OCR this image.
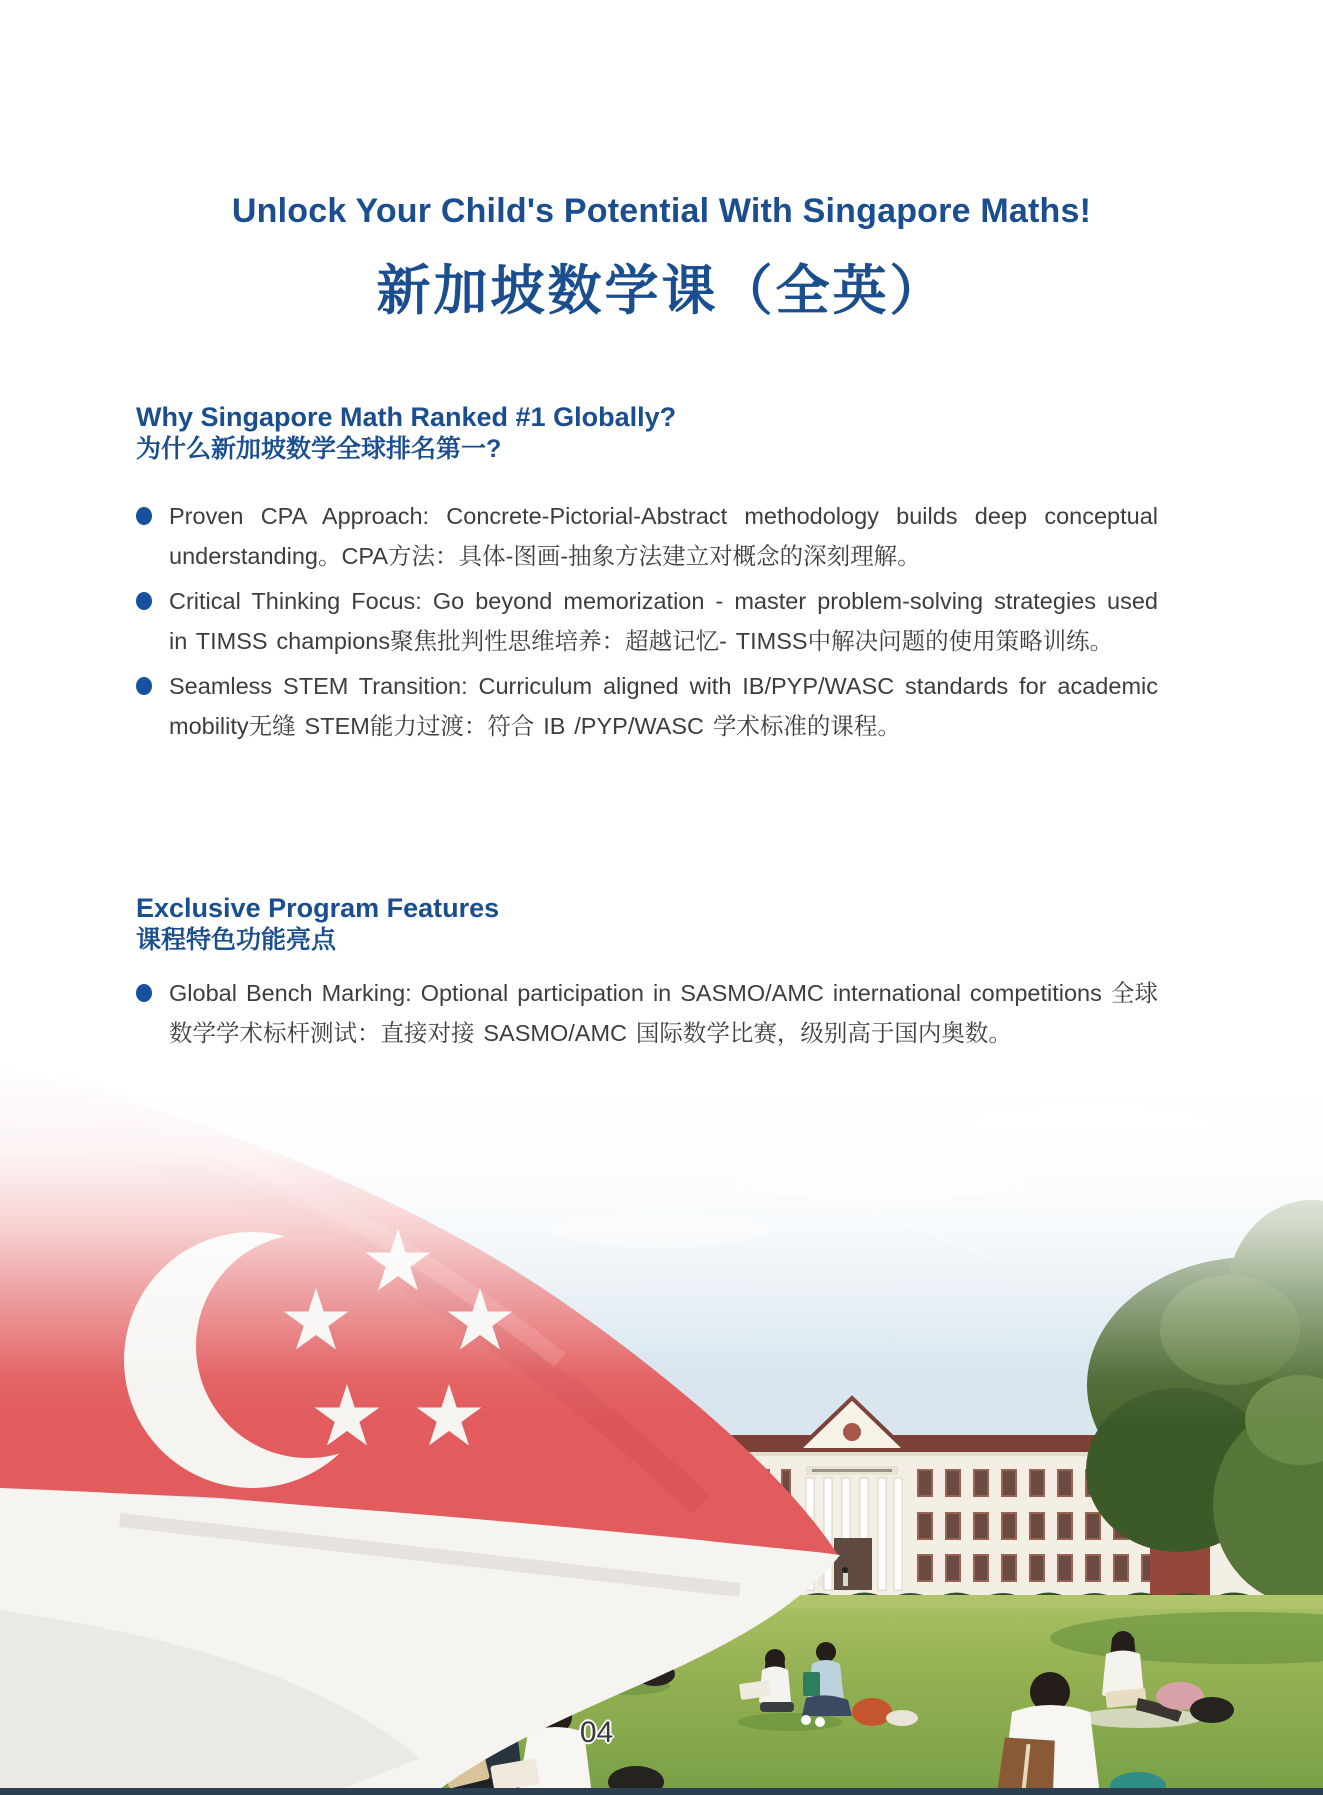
Unlock Your Child's Potential With Singapore Maths!
新加坡数学课（全英）
Why Singapore Math Ranked #1 Globally?
为什么新加坡数学全球排名第一?
Proven CPA Approach: Concrete-Pictorial-Abstract methodology builds deep conceptual understanding。CPA方法：具体-图画-抽象方法建立对概念的深刻理解。
Critical Thinking Focus: Go beyond memorization - master problem-solving strategies used in TIMSS champions聚焦批判性思维培养：超越记忆- TIMSS中解决问题的使用策略训练。
Seamless STEM Transition: Curriculum aligned with IB/PYP/WASC standards for academic mobility无缝 STEM能力过渡：符合 IB /PYP/WASC 学术标准的课程。
Exclusive Program Features
课程特色功能亮点
Global Bench Marking: Optional participation in SASMO/AMC international competitions 全球数学学术标杆测试：直接对接 SASMO/AMC 国际数学比赛，级别高于国内奥数。
04
